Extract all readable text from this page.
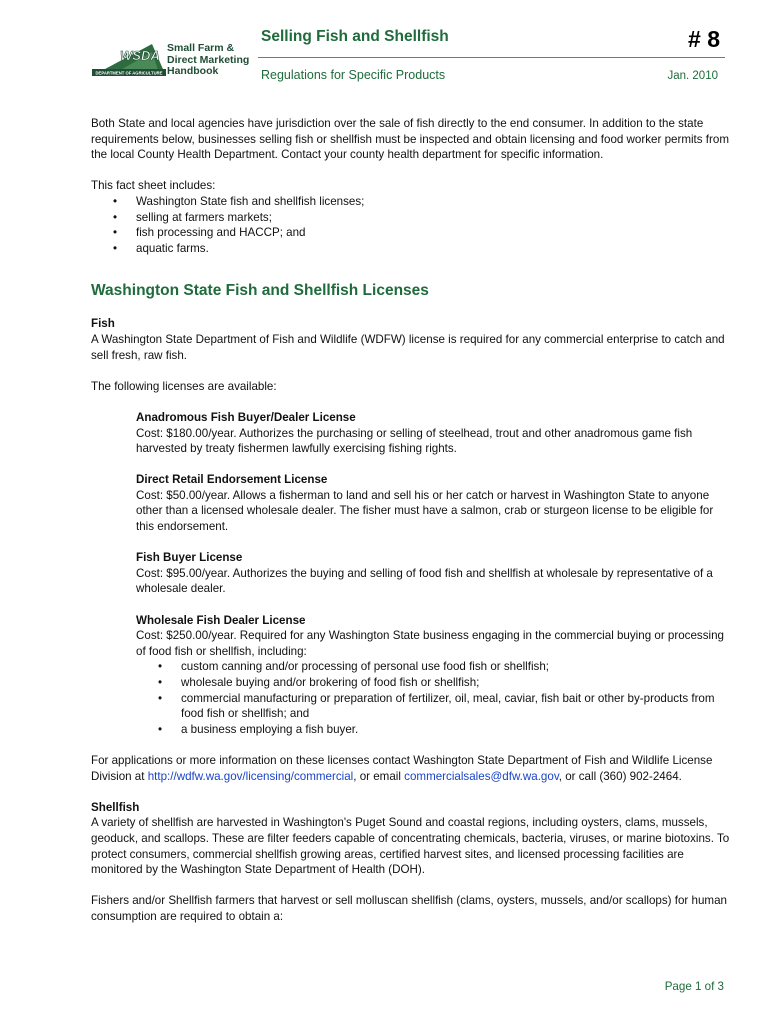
DEPARTMENT OF AGRICULTURE
WSDA Small Farm &
Direct Marketing
Handbook
Selling Fish and Shellfish	# 8
Regulations for Specific Products	Jan. 2010

Both State and local agencies have jurisdiction over the sale of fish directly to the end consumer. In addition to the state requirements below, businesses selling fish or shellfish must be inspected and obtain licensing and food worker permits from the local County Health Department. Contact your county health department for specific information.

This fact sheet includes:
• Washington State fish and shellfish licenses;
• selling at farmers markets;
• fish processing and HACCP; and
• aquatic farms.
Washington State Fish and Shellfish Licenses
Fish

A Washington State Department of Fish and Wildlife (WDFW) license is required for any commercial enterprise to catch and sell fresh, raw fish.

The following licenses are available:

Anadromous Fish Buyer/Dealer License

Cost: $180.00/year. Authorizes the purchasing or selling of steelhead, trout and other anadromous game fish harvested by treaty fishermen lawfully exercising fishing rights.

Direct Retail Endorsement License

Cost: $50.00/year. Allows a fisherman to land and sell his or her catch or harvest in Washington State to anyone other than a licensed wholesale dealer. The fisher must have a salmon, crab or sturgeon license to be eligible for this endorsement.

Fish Buyer License

Cost: $95.00/year. Authorizes the buying and selling of food fish and shellfish at wholesale by representative of a wholesale dealer.

Wholesale Fish Dealer License
Cost: $250.00/year. Required for any Washington State business engaging in the commercial buying or processing of food fish or shellfish, including:
• custom canning and/or processing of personal use food fish or shellfish;
• wholesale buying and/or brokering of food fish or shellfish;
• commercial manufacturing or preparation of fertilizer, oil, meal, caviar, fish bait or other by-products from food fish or shellfish; and
• a business employing a fish buyer.

For applications or more information on these licenses contact Washington State Department of Fish and Wildlife License Division at http://wdfw.wa.gov/licensing/commercial, or email commercialsales@dfw.wa.gov, or call (360) 902-2464.

Shellfish

A variety of shellfish are harvested in Washington's Puget Sound and coastal regions, including oysters, clams, mussels, geoduck, and scallops. These are filter feeders capable of concentrating chemicals, bacteria, viruses, or marine biotoxins. To protect consumers, commercial shellfish growing areas, certified harvest sites, and licensed processing facilities are monitored by the Washington State Department of Health (DOH).

Fishers and/or Shellfish farmers that harvest or sell molluscan shellfish (clams, oysters, mussels, and/or scallops) for human consumption are required to obtain a:

Page 1 of 3
